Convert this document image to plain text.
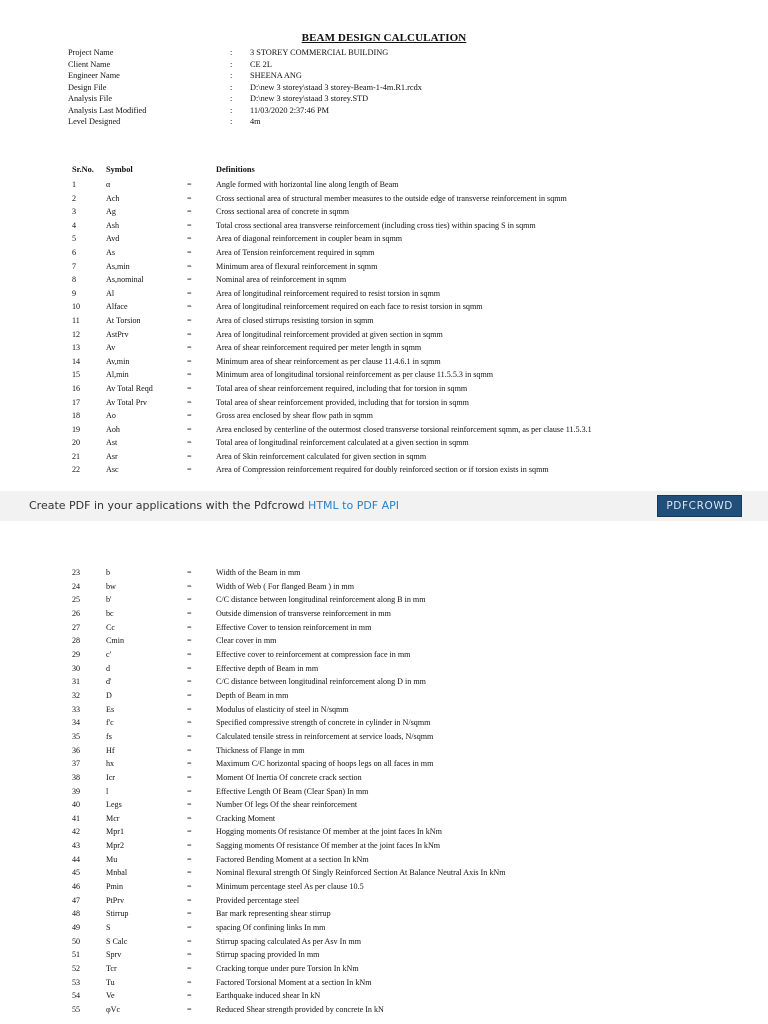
BEAM DESIGN CALCULATION
Project Name	:	3 STOREY COMMERCIAL BUILDING
Client Name	:	CE 2L
Engineer Name	:	SHEENA ANG
Design File	:	D:\new 3 storey\staad 3 storey-Beam-1-4m.R1.rcdx
Analysis File	:	D:\new 3 storey\staad 3 storey.STD
Analysis Last Modified	:	11/03/2020 2:37:46 PM
Level Designed	:	4m
Sr.No. Symbol	Definitions
1	α	=	Angle formed with horizontal line along length of Beam
2	Ach	=	Cross sectional area of structural member measures to the outside edge of transverse reinforcement in sqmm
3	Ag	=	Cross sectional area of concrete in sqmm
4	Ash	=	Total cross sectional area transverse reinforcement (including cross ties) within spacing S in sqmm
5	Avd	=	Area of diagonal reinforcement in coupler beam in sqmm
6	As	=	Area of Tension reinforcement required in sqmm
7	As,min	=	Minimum area of flexural reinforcement in sqmm
8	As,nominal	=	Nominal area of reinforcement in sqmm
9	Al	=	Area of longitudinal reinforcement required to resist torsion in sqmm
10	Alface	=	Area of longitudinal reinforcement required on each face to resist torsion in sqmm
11	At Torsion	=	Area of closed stirrups resisting torsion in sqmm
12	AstPrv	=	Area of longitudinal reinforcement provided at given section in sqmm
13	Av	=	Area of shear reinforcement required per meter length in sqmm
14	Av,min	=	Minimum area of shear reinforcement as per clause 11.4.6.1 in sqmm
15	Al,min	=	Minimum area of longitudinal torsional reinforcement as per clause 11.5.5.3 in sqmm
16	Av Total Reqd	=	Total area of shear reinforcement required, including that for torsion in sqmm
17	Av Total Prv	=	Total area of shear reinforcement provided, including that for torsion in sqmm
18	Ao	=	Gross area enclosed by shear flow path in sqmm
19	Aoh	=	Area enclosed by centerline of the outermost closed transverse torsional reinforcement sqmm, as per clause 11.5.3.1
20	Ast	=	Total area of longitudinal reinforcement calculated at a given section in sqmm
21	Asr	=	Area of Skin reinforcement calculated for given section in sqmm
22	Asc	=	Area of Compression reinforcement required for doubly reinforced section or if torsion exists in sqmm
Create PDF in your applications with the Pdfcrowd HTML to PDF API	PDFCROWD
23	b	=	Width of the Beam in mm
24	bw	=	Width of Web ( For flanged Beam ) in mm
25	b'	=	C/C distance between longitudinal reinforcement along B in mm
26	bc	=	Outside dimension of transverse reinforcement in mm
27	Cc	=	Effective Cover to tension reinforcement in mm
28	Cmin	=	Clear cover in mm
29	c'	=	Effective cover to reinforcement at compression face in mm
30	d	=	Effective depth of Beam in mm
31	d'	=	C/C distance between longitudinal reinforcement along D in mm
32	D	=	Depth of Beam in mm
33	Es	=	Modulus of elasticity of steel in N/sqmm
34	f'c	=	Specified compressive strength of concrete in cylinder in N/sqmm
35	fs	=	Calculated tensile stress in reinforcement at service loads, N/sqmm
36	Hf	=	Thickness of Flange in mm
37	hx	=	Maximum C/C horizontal spacing of hoops legs on all faces in mm
38	Icr	=	Moment Of Inertia Of concrete crack section
39	l	=	Effective Length Of Beam (Clear Span) In mm
40	Legs	=	Number Of legs Of the shear reinforcement
41	Mcr	=	Cracking Moment
42	Mpr1	=	Hogging moments Of resistance Of member at the joint faces In kNm
43	Mpr2	=	Sagging moments Of resistance Of member at the joint faces In kNm
44	Mu	=	Factored Bending Moment at a section In kNm
45	Mnbal	=	Nominal flexural strength Of Singly Reinforced Section At Balance Neutral Axis In kNm
46	Pmin	=	Minimum percentage steel As per clause 10.5
47	PtPrv	=	Provided percentage steel
48	Stirrup	=	Bar mark representing shear stirrup
49	S	=	spacing Of confining links In mm
50	S Calc	=	Stirrup spacing calculated As per Asv In mm
51	Sprv	=	Stirrup spacing provided In mm
52	Tcr	=	Cracking torque under pure Torsion In kNm
53	Tu	=	Factored Torsional Moment at a section In kNm
54	Ve	=	Earthquake induced shear In kN
55	φVc	=	Reduced Shear strength provided by concrete In kN
